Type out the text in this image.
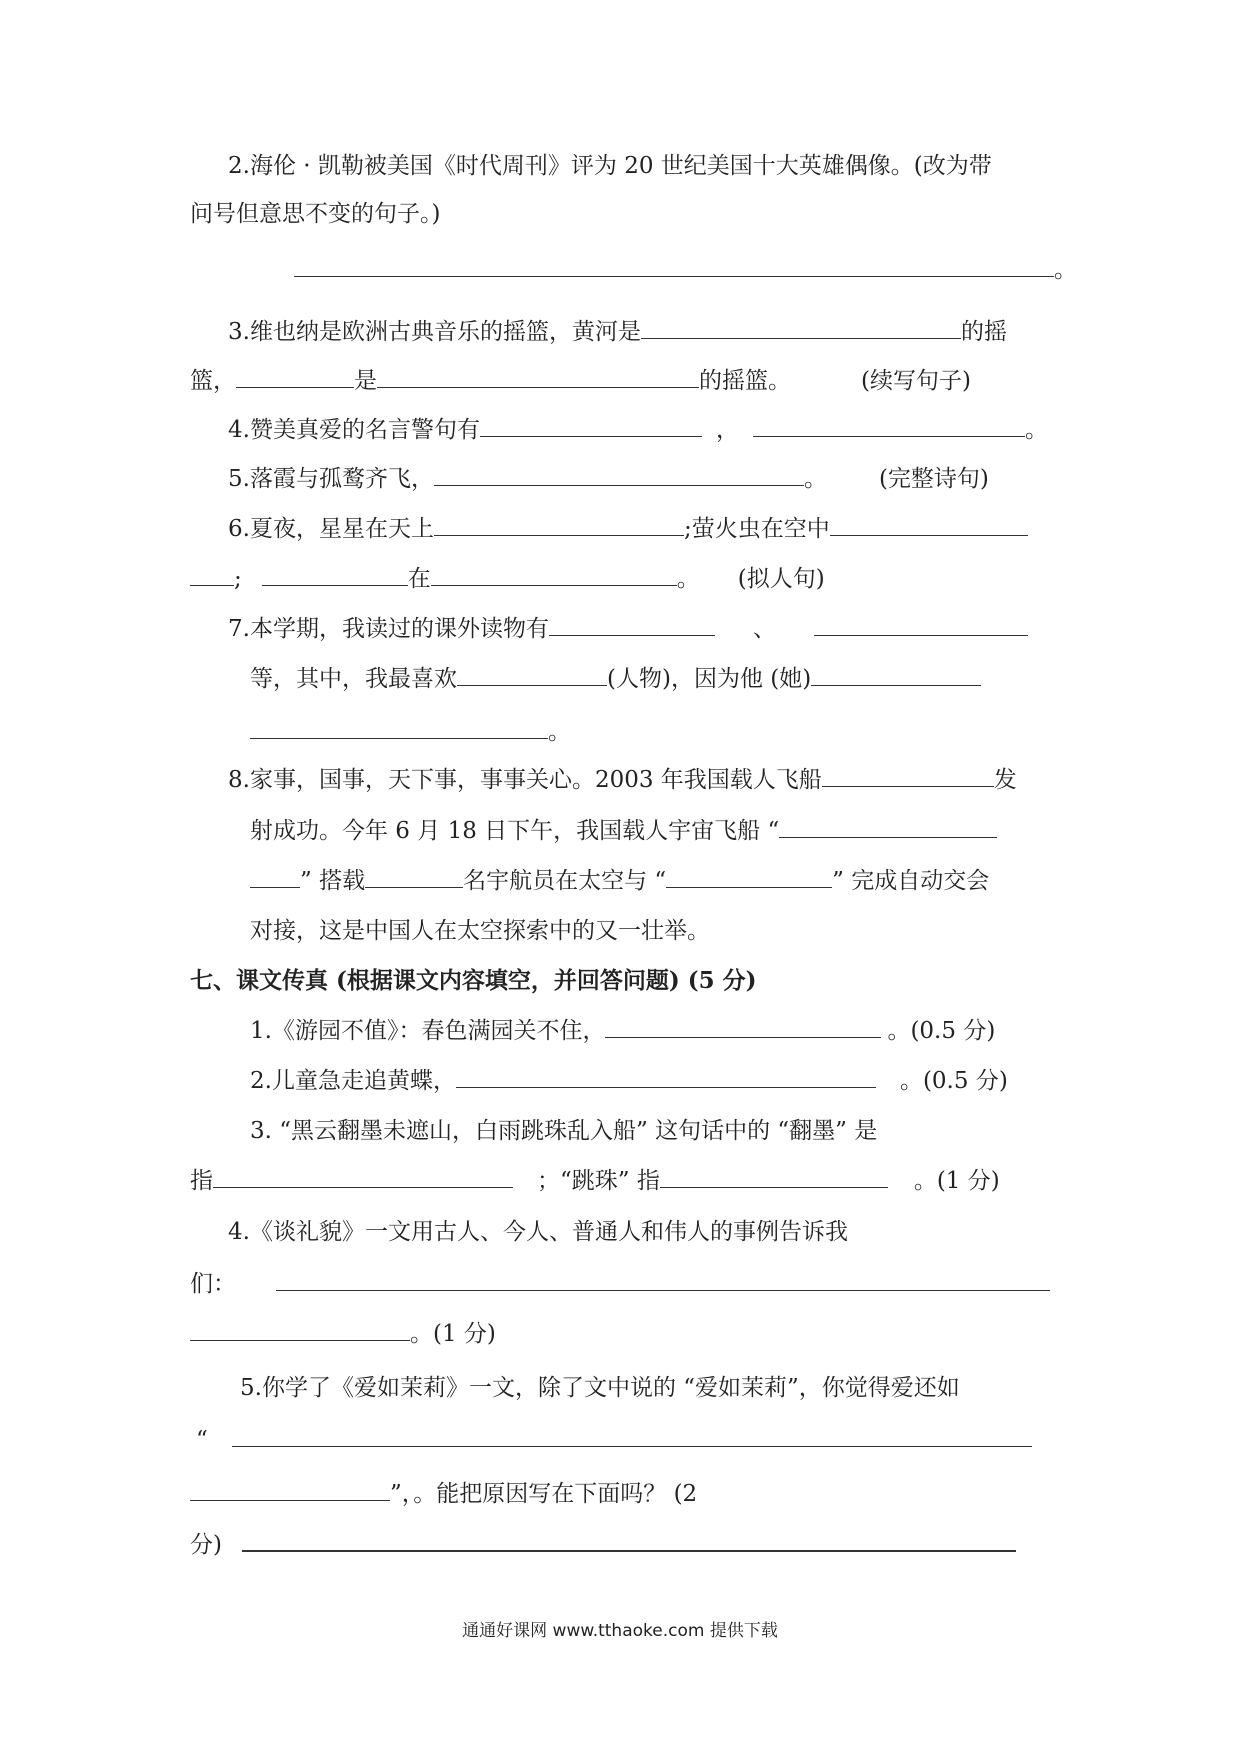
2.海伦 · 凯勒被美国《时代周刊》评为 20 世纪美国十大英雄偶像。(改为带
问号但意思不变的句子。)
。
3.维也纳是欧洲古典音乐的摇篮，黄河是	的摇
篮，	是	的摇篮。	(续写句子)
4.赞美真爱的名言警句有	，	。
5.落霞与孤鹜齐飞，	。 (完整诗句)
6.夏夜，星星在天上	;萤火虫在空中
;	在	。 (拟人句)
7.本学期，我读过的课外读物有	、
等，其中，我最喜欢	(人物)，因为他 (她)
。
8.家事，国事，天下事，事事关心。2003 年我国载人飞船	发
射成功。今年 6 月 18 日下午，我国载人宇宙飞船 “
” 搭载	名宇航员在太空与 “	” 完成自动交会
对接，这是中国人在太空探索中的又一壮举。
七、课文传真 (根据课文内容填空，并回答问题) (5 分)
1.《游园不值》：春色满园关不住，	。(0.5 分)
2.儿童急走追黄蝶，	。(0.5 分)
3. “黑云翻墨未遮山，白雨跳珠乱入船” 这句话中的 “翻墨” 是
指	；“跳珠” 指	。(1 分)
4.《谈礼貌》一文用古人、今人、普通人和伟人的事例告诉我
们：
。(1 分)
5.你学了《爱如茉莉》一文，除了文中说的 “爱如茉莉”，你觉得爱还如
“
”，。能把原因写在下面吗？ (2
分)
通通好课网 www.tthaoke.com 提供下载
